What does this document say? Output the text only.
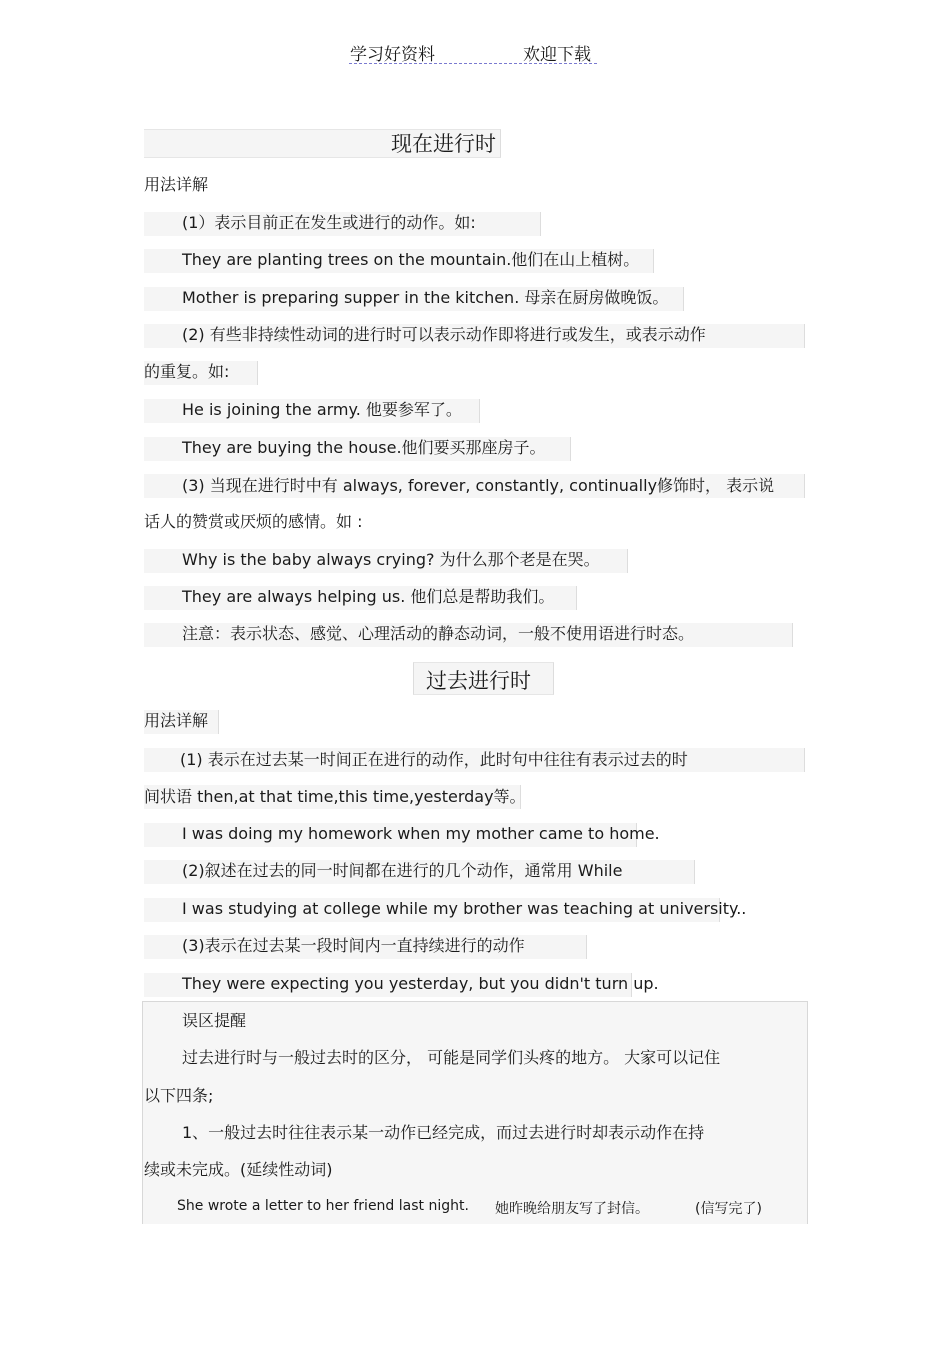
学习好资料	欢迎下载
现在进行时
用法详解
(1）表示目前正在发生或进行的动作。如:
They are planting trees on the mountain.他们在山上植树。
Mother is preparing supper in the kitchen. 母亲在厨房做晚饭。
(2) 有些非持续性动词的进行时可以表示动作即将进行或发生，或表示动作
的重复。如:
He is joining the army. 他要参军了。
They are buying the house.他们要买那座房子。
(3) 当现在进行时中有 always, forever, constantly, continually修饰时， 表示说
话人的赞赏或厌烦的感情。如 :
Why is the baby always crying? 为什么那个老是在哭。
They are always helping us. 他们总是帮助我们。
注意：表示状态、感觉、心理活动的静态动词，一般不使用语进行时态。
过去进行时
用法详解
(1) 表示在过去某一时间正在进行的动作，此时句中往往有表示过去的时
间状语 then,at that time,this time,yesterday等。
I was doing my homework when my mother came to home.
(2)叙述在过去的同一时间都在进行的几个动作，通常用 While
I was studying at college while my brother was teaching at university..
(3)表示在过去某一段时间内一直持续进行的动作
They were expecting you yesterday, but you didn't turn up.
误区提醒
过去进行时与一般过去时的区分， 可能是同学们头疼的地方。 大家可以记住
以下四条;
1、一般过去时往往表示某一动作已经完成，而过去进行时却表示动作在持
续或未完成。(延续性动词)
She wrote a letter to her friend last night. 她昨晚给朋友写了封信。	(信写完了)
